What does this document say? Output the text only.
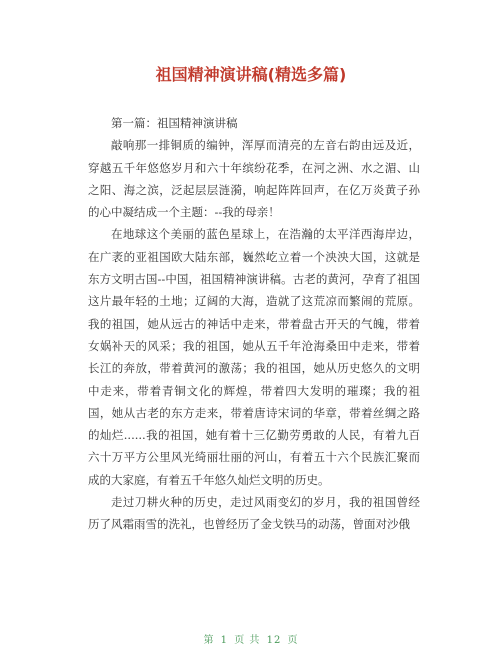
祖国精神演讲稿(精选多篇)

第一篇：祖国精神演讲稿

敲响那一排铜质的编钟，浑厚而清亮的左音右韵由远及近，穿越五千年悠悠岁月和六十年缤纷花季，在河之洲、水之湄、山之阳、海之滨，泛起层层涟漪，响起阵阵回声，在亿万炎黄子孙的心中凝结成一个主题：--我的母亲！

在地球这个美丽的蓝色星球上，在浩瀚的太平洋西海岸边，在广袤的亚祖国欧大陆东部，巍然屹立着一个泱泱大国，这就是东方文明古国--中国，祖国精神演讲稿。古老的黄河，孕育了祖国这片最年轻的土地；辽阔的大海，造就了这荒凉而繁闹的荒原。我的祖国，她从远古的神话中走来，带着盘古开天的气魄，带着女娲补天的风采；我的祖国，她从五千年沧海桑田中走来，带着长江的奔放，带着黄河的激荡；我的祖国，她从历史悠久的文明中走来，带着青铜文化的辉煌，带着四大发明的璀璨；我的祖国，她从古老的东方走来，带着唐诗宋词的华章，带着丝绸之路的灿烂......我的祖国，她有着十三亿勤劳勇敢的人民，有着九百六十万平方公里风光绮丽壮丽的河山，有着五十六个民族汇聚而成的大家庭，有着五千年悠久灿烂文明的历史。

走过刀耕火种的历史，走过风雨变幻的岁月，我的祖国曾经历了风霜雨雪的洗礼，也曾经历了金戈铁马的动荡，曾面对沙俄

第 1 页 共 12 页
